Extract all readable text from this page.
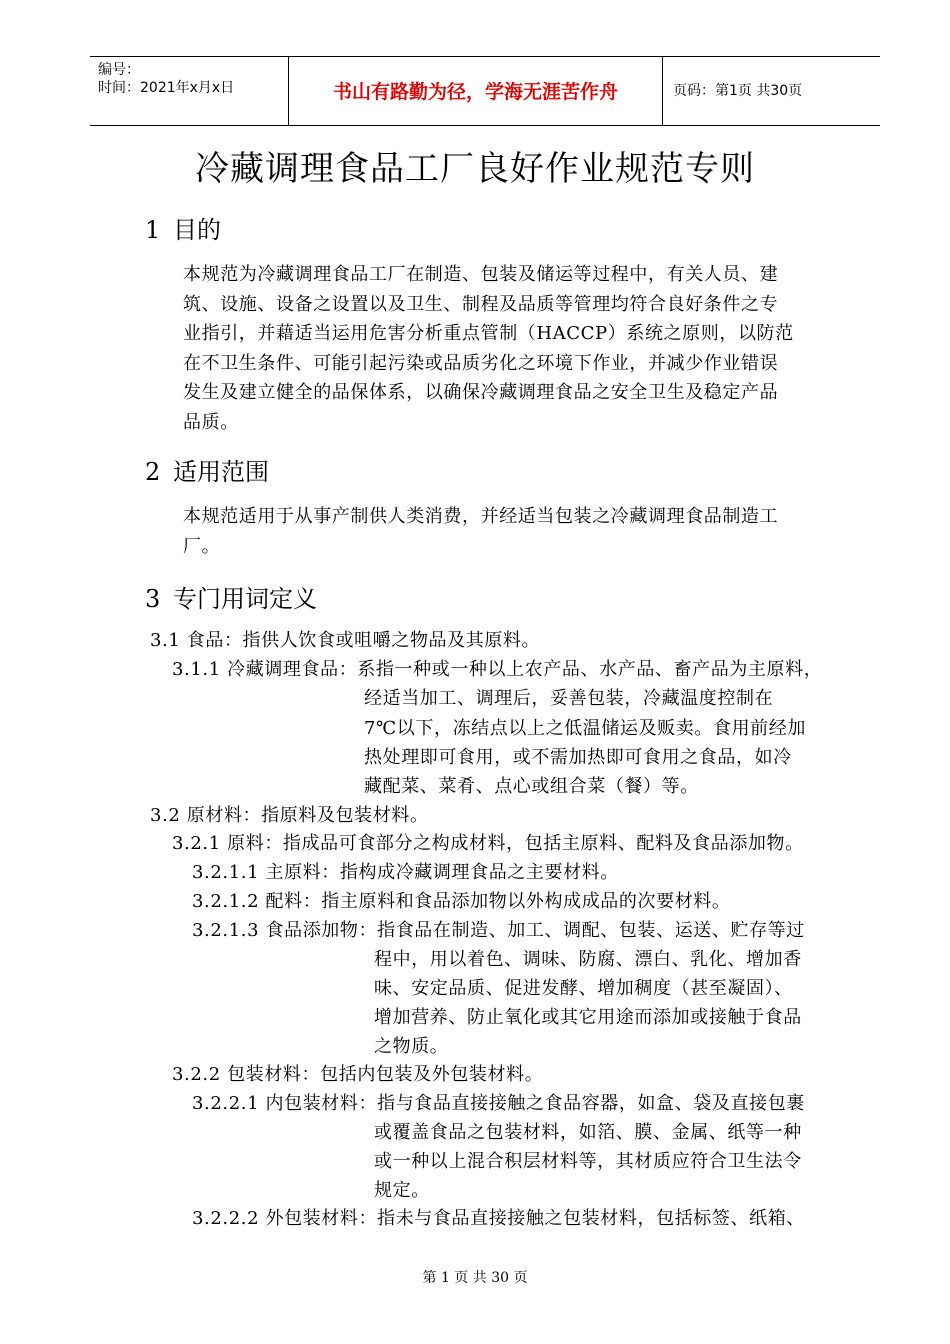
编号：
时间：2021年x月x日	书山有路勤为径，学海无涯苦作舟	页码：第1页 共30页
冷藏调理食品工厂良好作业规范专则
1 目的
本规范为冷藏调理食品工厂在制造、包装及储运等过程中，有关人员、建
筑、设施、设备之设置以及卫生、制程及品质等管理均符合良好条件之专
业指引，并藉适当运用危害分析重点管制（HACCP）系统之原则，以防范
在不卫生条件、可能引起污染或品质劣化之环境下作业，并减少作业错误
发生及建立健全的品保体系，以确保冷藏调理食品之安全卫生及稳定产品
品质。
2 适用范围
本规范适用于从事产制供人类消费，并经适当包装之冷藏调理食品制造工
厂。
3 专门用词定义
3.1 食品：指供人饮食或咀嚼之物品及其原料。
3.1.1 冷藏调理食品：系指一种或一种以上农产品、水产品、畜产品为主原料，
经适当加工、调理后，妥善包装，冷藏温度控制在
7℃以下，冻结点以上之低温储运及贩卖。食用前经加
热处理即可食用，或不需加热即可食用之食品，如冷
藏配菜、菜肴、点心或组合菜（餐）等。
3.2 原材料：指原料及包装材料。
3.2.1 原料：指成品可食部分之构成材料，包括主原料、配料及食品添加物。
3.2.1.1 主原料：指构成冷藏调理食品之主要材料。
3.2.1.2 配料：指主原料和食品添加物以外构成成品的次要材料。
3.2.1.3 食品添加物：指食品在制造、加工、调配、包装、运送、贮存等过
程中，用以着色、调味、防腐、漂白、乳化、增加香
味、安定品质、促进发酵、增加稠度（甚至凝固）、
增加营养、防止氧化或其它用途而添加或接触于食品
之物质。
3.2.2 包装材料：包括内包装及外包装材料。
3.2.2.1 内包装材料：指与食品直接接触之食品容器，如盒、袋及直接包裹
或覆盖食品之包装材料，如箔、膜、金属、纸等一种
或一种以上混合积层材料等，其材质应符合卫生法令
规定。
3.2.2.2 外包装材料：指未与食品直接接触之包装材料，包括标签、纸箱、
第 1 页 共 30 页
